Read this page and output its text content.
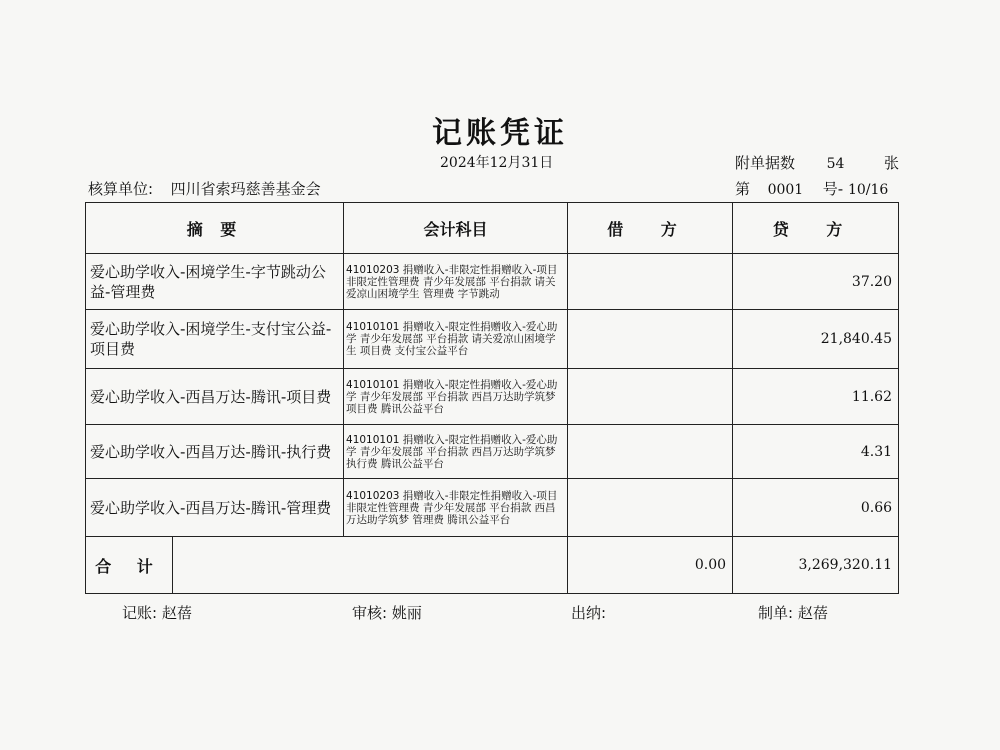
记账凭证
2024年12月31日	附单据数 54	张
核算单位: 四川省索玛慈善基金会	第 0001 号- 10/16
摘 要		会计科目	借 方	贷 方
爱心助学收入-困境学生-字节跳动公益-管理费		41010203 捐赠收入-非限定性捐赠收入-项目非限定性管理费 青少年发展部 平台捐款 请关爱凉山困境学生 管理费 字节跳动		37.20
爱心助学收入-困境学生-支付宝公益-项目费		41010101 捐赠收入-限定性捐赠收入-爱心助学 青少年发展部 平台捐款 请关爱凉山困境学生 项目费 支付宝公益平台		21,840.45
爱心助学收入-西昌万达-腾讯-项目费		41010101 捐赠收入-限定性捐赠收入-爱心助学 青少年发展部 平台捐款 西昌万达助学筑梦 项目费 腾讯公益平台		11.62
爱心助学收入-西昌万达-腾讯-执行费		41010101 捐赠收入-限定性捐赠收入-爱心助学 青少年发展部 平台捐款 西昌万达助学筑梦 执行费 腾讯公益平台		4.31
爱心助学收入-西昌万达-腾讯-管理费		41010203 捐赠收入-非限定性捐赠收入-项目非限定性管理费 青少年发展部 平台捐款 西昌万达助学筑梦 管理费 腾讯公益平台		0.66
合 计			0.00	3,269,320.11
记账: 赵蓓	审核: 姚丽	出纳:	制单: 赵蓓
